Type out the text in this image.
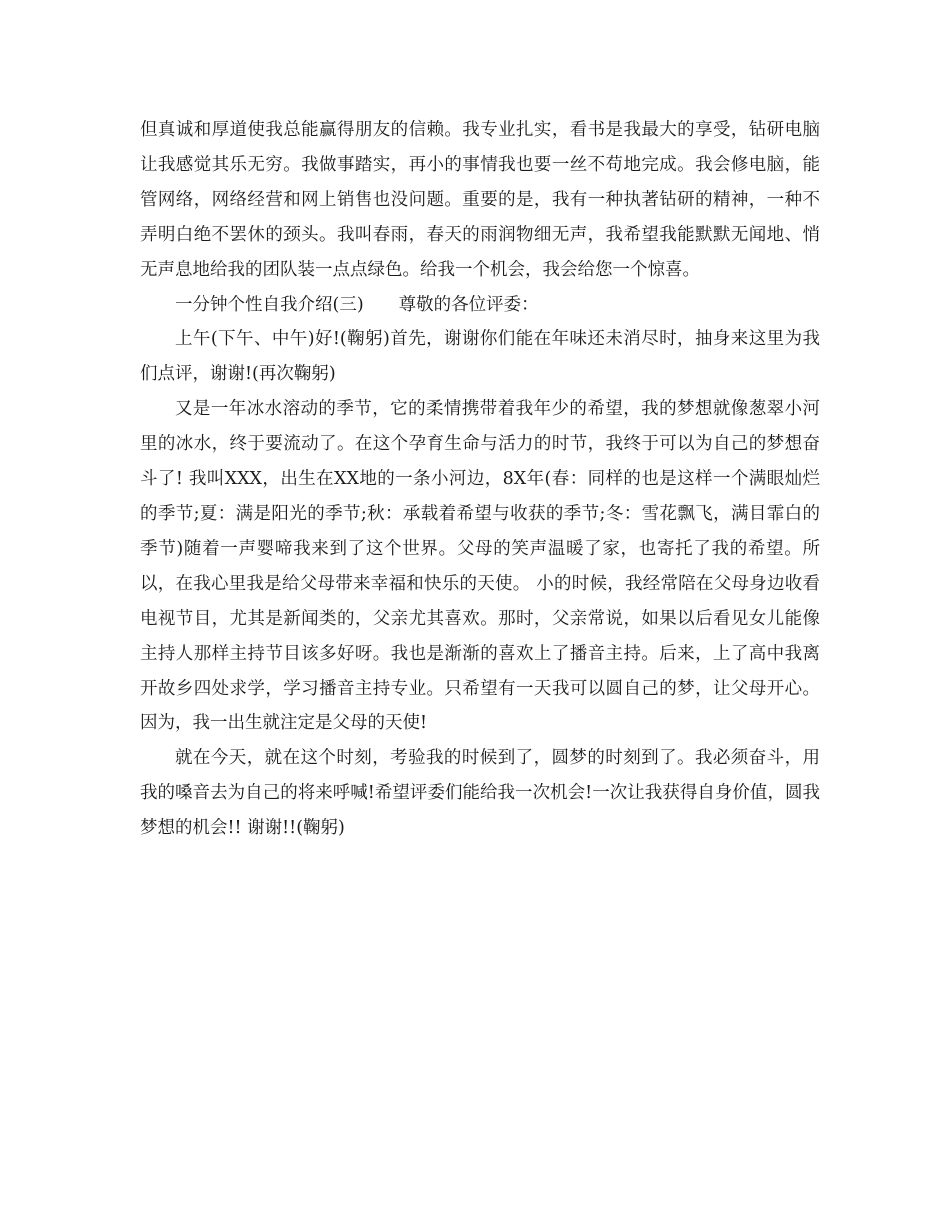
但真诚和厚道使我总能赢得朋友的信赖。我专业扎实，看书是我最大的享受，钻研电脑让我感觉其乐无穷。我做事踏实，再小的事情我也要一丝不苟地完成。我会修电脑，能管网络，网络经营和网上销售也没问题。重要的是，我有一种执著钻研的精神，一种不弄明白绝不罢休的颈头。我叫春雨，春天的雨润物细无声，我希望我能默默无闻地、悄无声息地给我的团队装一点点绿色。给我一个机会，我会给您一个惊喜。

一分钟个性自我介绍(三)　　尊敬的各位评委：

上午(下午、中午)好!(鞠躬)首先，谢谢你们能在年味还未消尽时，抽身来这里为我们点评，谢谢!(再次鞠躬)

又是一年冰水溶动的季节，它的柔情携带着我年少的希望，我的梦想就像葱翠小河里的冰水，终于要流动了。在这个孕育生命与活力的时节，我终于可以为自己的梦想奋斗了! 我叫XXX，出生在XX地的一条小河边，8X年(春：同样的也是这样一个满眼灿烂的季节;夏：满是阳光的季节;秋：承载着希望与收获的季节;冬：雪花飘飞，满目霏白的季节)随着一声婴啼我来到了这个世界。父母的笑声温暖了家，也寄托了我的希望。所以，在我心里我是给父母带来幸福和快乐的天使。 小的时候，我经常陪在父母身边收看电视节目，尤其是新闻类的，父亲尤其喜欢。那时，父亲常说，如果以后看见女儿能像主持人那样主持节目该多好呀。我也是渐渐的喜欢上了播音主持。后来，上了高中我离开故乡四处求学，学习播音主持专业。只希望有一天我可以圆自己的梦，让父母开心。因为，我一出生就注定是父母的天使!

就在今天，就在这个时刻，考验我的时候到了，圆梦的时刻到了。我必须奋斗，用我的嗓音去为自己的将来呼喊!希望评委们能给我一次机会!一次让我获得自身价值，圆我梦想的机会!! 谢谢!!(鞠躬)
